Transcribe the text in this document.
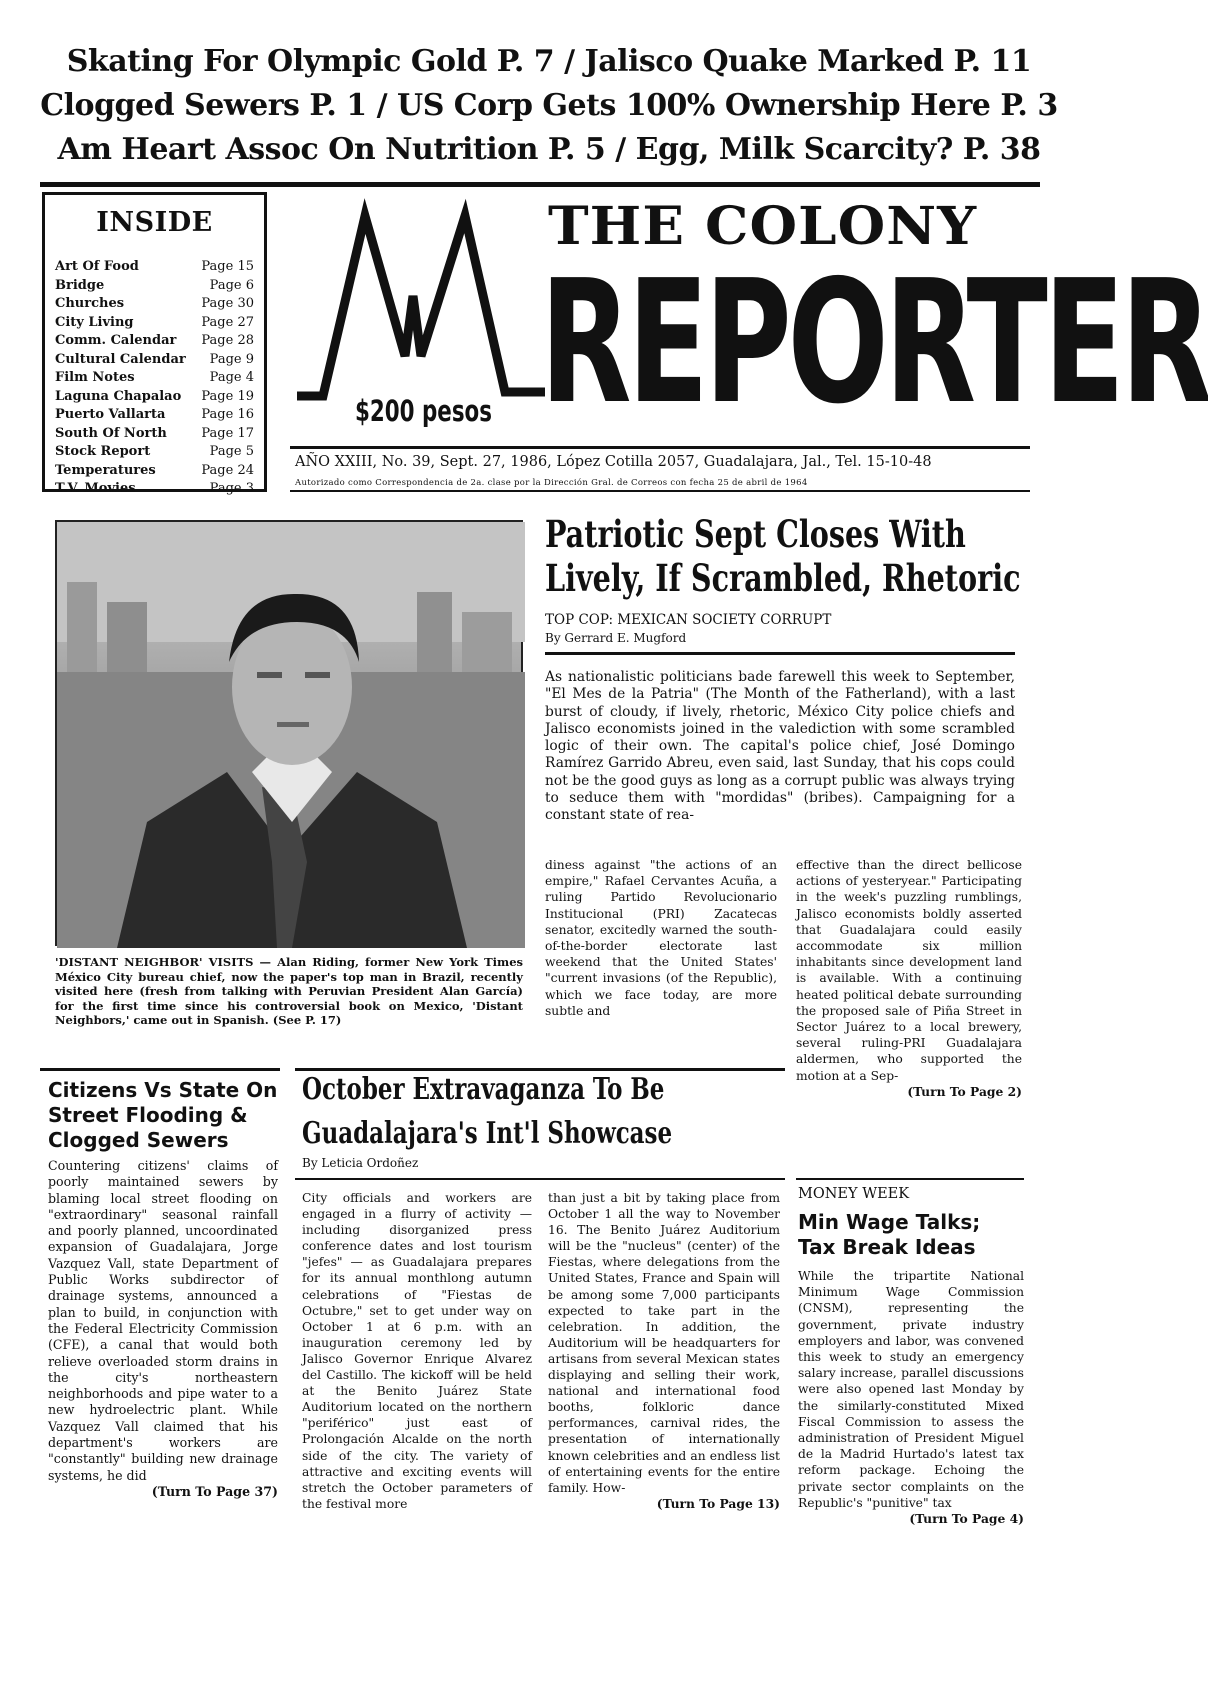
Skating For Olympic Gold P. 7 / Jalisco Quake Marked P. 11
Clogged Sewers P. 1 / US Corp Gets 100% Ownership Here P. 3
Am Heart Assoc On Nutrition P. 5 / Egg, Milk Scarcity? P. 38
INSIDE
Art Of Food	Page 15
Bridge	Page 6
Churches	Page 30
City Living	Page 27
Comm. Calendar Page 28
Cultural Calendar Page 9
Film Notes	Page 4
Laguna Chapalao Page 19
Puerto Vallarta	Page 16
South Of North	Page 17
Stock Report	Page 5
Temperatures	Page 24
T.V. Movies	Page 3
$200 pesos
THE COLONY
REPORTER
AÑO XXIII, No. 39, Sept. 27, 1986, López Cotilla 2057, Guadalajara, Jal., Tel. 15-10-48
Autorizado como Correspondencia de 2a. clase por la Dirección Gral. de Correos con fecha 25 de abril de 1964
'DISTANT NEIGHBOR' VISITS — Alan Riding, former New York Times México City bureau chief, now the paper's top man in Brazil, recently visited here (fresh from talking with Peruvian President Alan García) for the first time since his controversial book on Mexico, 'Distant Neighbors,' came out in Spanish. (See P. 17)
Patriotic Sept Closes With
Lively, If Scrambled, Rhetoric
TOP COP: MEXICAN SOCIETY CORRUPT
By Gerrard E. Mugford
As nationalistic politicians bade farewell this week to September, "El Mes de la Patria" (The Month of the Fatherland), with a last burst of cloudy, if lively, rhetoric, México City police chiefs and Jalisco economists joined in the valediction with some scrambled logic of their own. The capital's police chief, José Domingo Ramírez Garrido Abreu, even said, last Sunday, that his cops could not be the good guys as long as a corrupt public was always trying to seduce them with "mordidas" (bribes). Campaigning for a constant state of rea-
diness against "the actions of an empire," Rafael Cervantes Acuña, a ruling Partido Revolucionario Institucional (PRI) Zacatecas senator, excitedly warned the south-of-the-border electorate last weekend that the United States' "current invasions (of the Republic), which we face today, are more subtle and
effective than the direct bellicose actions of yesteryear." Participating in the week's puzzling rumblings, Jalisco economists boldly asserted that Guadalajara could easily accommodate six million inhabitants since development land is available. With a continuing heated political debate surrounding the proposed sale of Piña Street in Sector Juárez to a local brewery, several ruling-PRI Guadalajara aldermen, who supported the motion at a Sep-
(Turn To Page 2)
Citizens Vs State On Street Flooding & Clogged Sewers
Countering citizens' claims of poorly maintained sewers by blaming local street flooding on "extraordinary" seasonal rainfall and poorly planned, uncoordinated expansion of Guadalajara, Jorge Vazquez Vall, state Department of Public Works subdirector of drainage systems, announced a plan to build, in conjunction with the Federal Electricity Commission (CFE), a canal that would both relieve overloaded storm drains in the city's northeastern neighborhoods and pipe water to a new hydroelectric plant. While Vazquez Vall claimed that his department's workers are "constantly" building new drainage systems, he did
(Turn To Page 37)
October Extravaganza To Be
Guadalajara's Int'l Showcase
By Leticia Ordoñez
City officials and workers are engaged in a flurry of activity — including disorganized press conference dates and lost tourism "jefes" — as Guadalajara prepares for its annual monthlong autumn celebrations of "Fiestas de Octubre," set to get under way on October 1 at 6 p.m. with an inauguration ceremony led by Jalisco Governor Enrique Alvarez del Castillo. The kickoff will be held at the Benito Juárez State Auditorium located on the northern "periférico" just east of Prolongación Alcalde on the north side of the city. The variety of attractive and exciting events will stretch the October parameters of the festival more
than just a bit by taking place from October 1 all the way to November 16. The Benito Juárez Auditorium will be the "nucleus" (center) of the Fiestas, where delegations from the United States, France and Spain will be among some 7,000 participants expected to take part in the celebration. In addition, the Auditorium will be headquarters for artisans from several Mexican states displaying and selling their work, national and international food booths, folkloric dance performances, carnival rides, the presentation of internationally known celebrities and an endless list of entertaining events for the entire family. How-
(Turn To Page 13)
MONEY WEEK
Min Wage Talks; Tax Break Ideas
While the tripartite National Minimum Wage Commission (CNSM), representing the government, private industry employers and labor, was convened this week to study an emergency salary increase, parallel discussions were also opened last Monday by the similarly-constituted Mixed Fiscal Commission to assess the administration of President Miguel de la Madrid Hurtado's latest tax reform package. Echoing the private sector complaints on the Republic's "punitive" tax
(Turn To Page 4)
